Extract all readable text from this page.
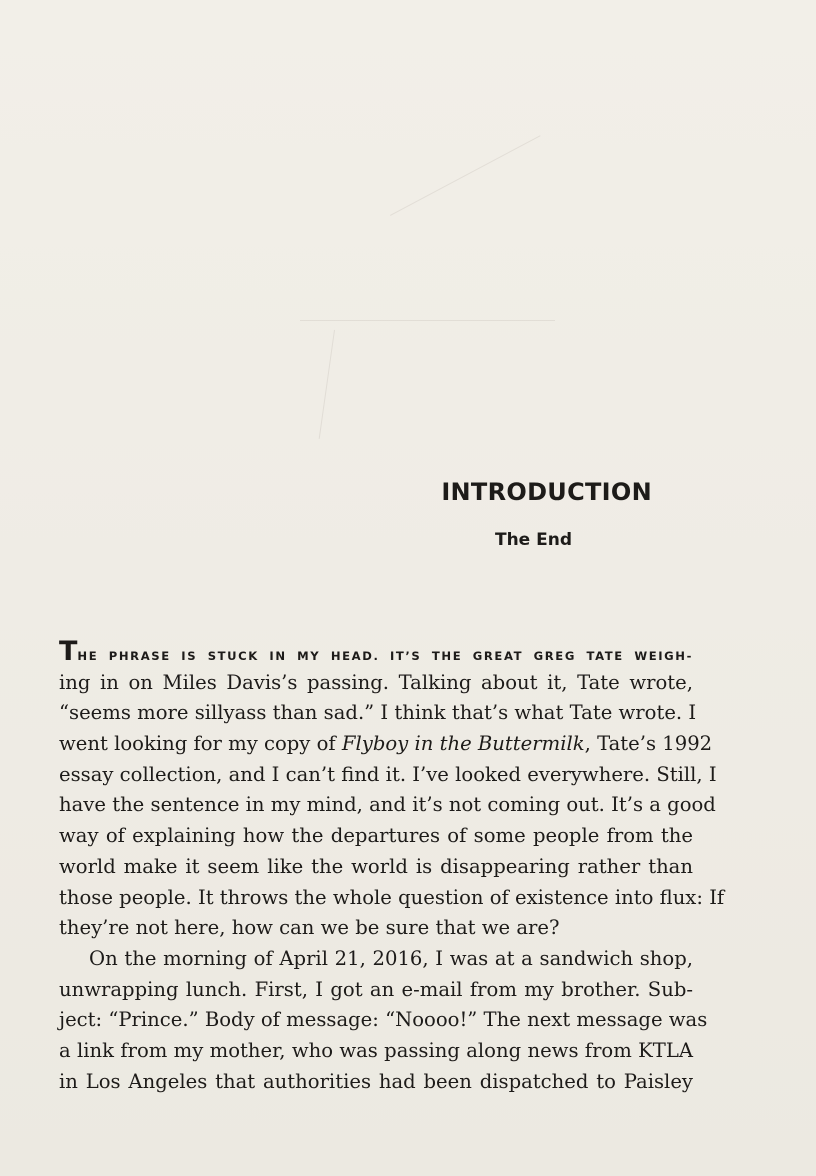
INTRODUCTION
The End
THE PHRASE IS STUCK IN MY HEAD. IT’S THE GREAT GREG TATE WEIGH-
ing in on Miles Davis’s passing. Talking about it, Tate wrote,
“seems more sillyass than sad.” I think that’s what Tate wrote. I
went looking for my copy of Flyboy in the Buttermilk, Tate’s 1992
essay collection, and I can’t find it. I’ve looked everywhere. Still, I
have the sentence in my mind, and it’s not coming out. It’s a good
way of explaining how the departures of some people from the
world make it seem like the world is disappearing rather than
those people. It throws the whole question of existence into flux: If
they’re not here, how can we be sure that we are?
On the morning of April 21, 2016, I was at a sandwich shop,
unwrapping lunch. First, I got an e-mail from my brother. Sub-
ject: “Prince.” Body of message: “Noooo!” The next message was
a link from my mother, who was passing along news from KTLA
in Los Angeles that authorities had been dispatched to Paisley
